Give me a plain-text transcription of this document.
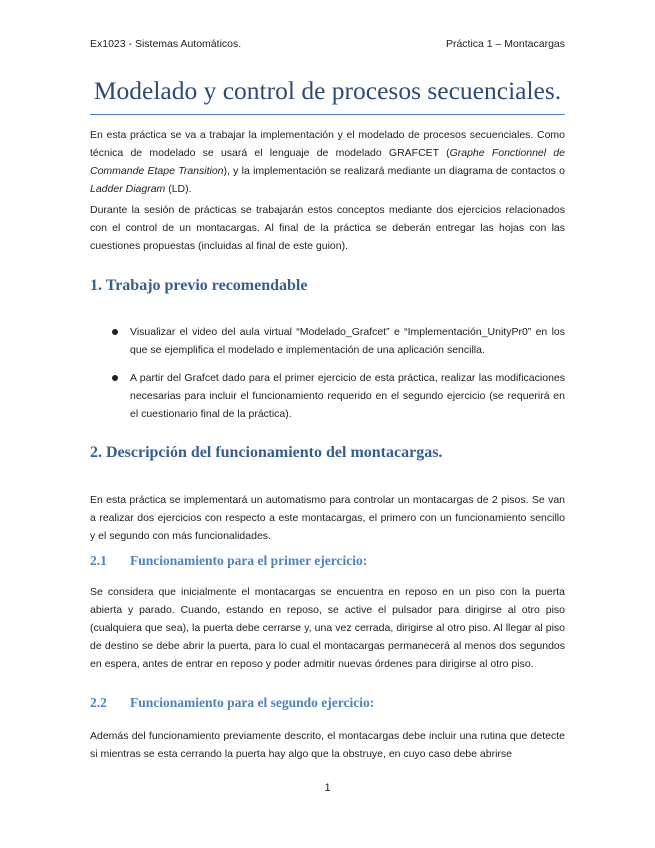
Ex1023 - Sistemas Automáticos.	Práctica 1 – Montacargas
Modelado y control de procesos secuenciales.

En esta práctica se va a trabajar la implementación y el modelado de procesos secuenciales. Como técnica de modelado se usará el lenguaje de modelado GRAFCET (Graphe Fonctionnel de Commande Etape Transition), y la implementación se realizará mediante un diagrama de contactos o Ladder Diagram (LD).

Durante la sesión de prácticas se trabajarán estos conceptos mediante dos ejercicios relacionados con el control de un montacargas. Al final de la práctica se deberán entregar las hojas con las cuestiones propuestas (incluidas al final de este guion).

1. Trabajo previo recomendable
Visualizar el video del aula virtual “Modelado_Grafcet” e “Implementación_UnityPr0” en los que se ejemplifica el modelado e implementación de una aplicación sencilla.
A partir del Grafcet dado para el primer ejercicio de esta práctica, realizar las modificaciones necesarias para incluir el funcionamiento requerido en el segundo ejercicio (se requerirá en el cuestionario final de la práctica).
2. Descripción del funcionamiento del montacargas.

En esta práctica se implementará un automatismo para controlar un montacargas de 2 pisos. Se van a realizar dos ejercicios con respecto a este montacargas, el primero con un funcionamiento sencillo y el segundo con más funcionalidades.

2.1 Funcionamiento para el primer ejercicio:

Se considera que inicialmente el montacargas se encuentra en reposo en un piso con la puerta abierta y parado. Cuando, estando en reposo, se active el pulsador para dirigirse al otro piso (cualquiera que sea), la puerta debe cerrarse y, una vez cerrada, dirigirse al otro piso. Al llegar al piso de destino se debe abrir la puerta, para lo cual el montacargas permanecerá al menos dos segundos en espera, antes de entrar en reposo y poder admitir nuevas órdenes para dirigirse al otro piso.

2.2 Funcionamiento para el segundo ejercicio:

Además del funcionamiento previamente descrito, el montacargas debe incluir una rutina que detecte si mientras se esta cerrando la puerta hay algo que la obstruye, en cuyo caso debe abrirse

1
